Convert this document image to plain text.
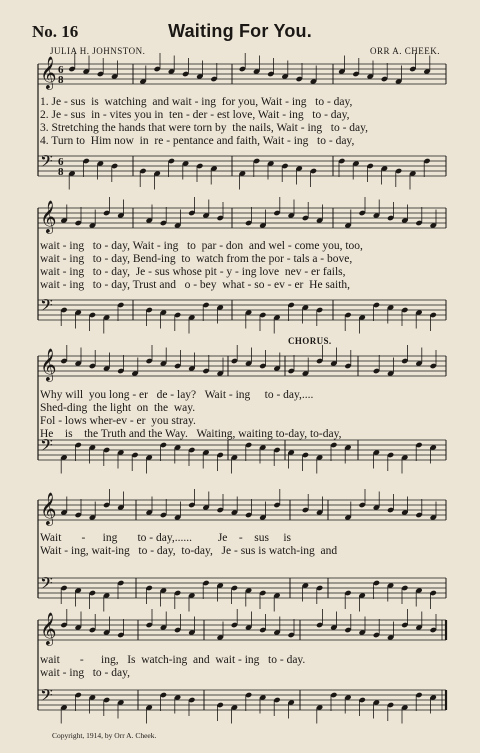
No. 16	Waiting For You.
JULIA H. JOHNSTON.	ORR A. CHEEK.
𝄞 6
8
𝄢 6
8
𝄞
𝄢
𝄞
𝄢
𝄞
𝄢
𝄞
𝄢
1. Je - sus  is  watching  and wait - ing  for you, Wait - ing   to - day,
2. Je - sus  in - vites you in  ten - der - est love, Wait - ing   to - day,
3. Stretching the hands that were torn by  the nails, Wait - ing   to - day,
4. Turn to  Him now  in  re - pentance and faith, Wait - ing   to - day,
wait - ing   to - day, Wait - ing   to  par - don  and wel - come you, too,
wait - ing   to - day, Bend-ing  to  watch from the por - tals a - bove,
wait - ing   to - day,  Je - sus whose pit - y - ing love  nev - er fails,
wait - ing   to - day, Trust and   o - bey  what - so - ev - er  He saith,
CHORUS.
Why will  you long - er   de - lay?   Wait - ing     to - day,....
Shed-ding  the light  on  the  way.
Fol - lows wher-ev - er  you stray.
He    is    the Truth and the Way.   Waiting, waiting to-day, to-day,
Wait       -      ing       to - day,......         Je    -    sus     is
Wait - ing, wait-ing   to - day,  to-day,   Je - sus is watch-ing  and
wait       -      ing,   Is  watch-ing  and  wait - ing   to - day.
wait - ing   to - day,
Copyright, 1914, by Orr A. Cheek.
